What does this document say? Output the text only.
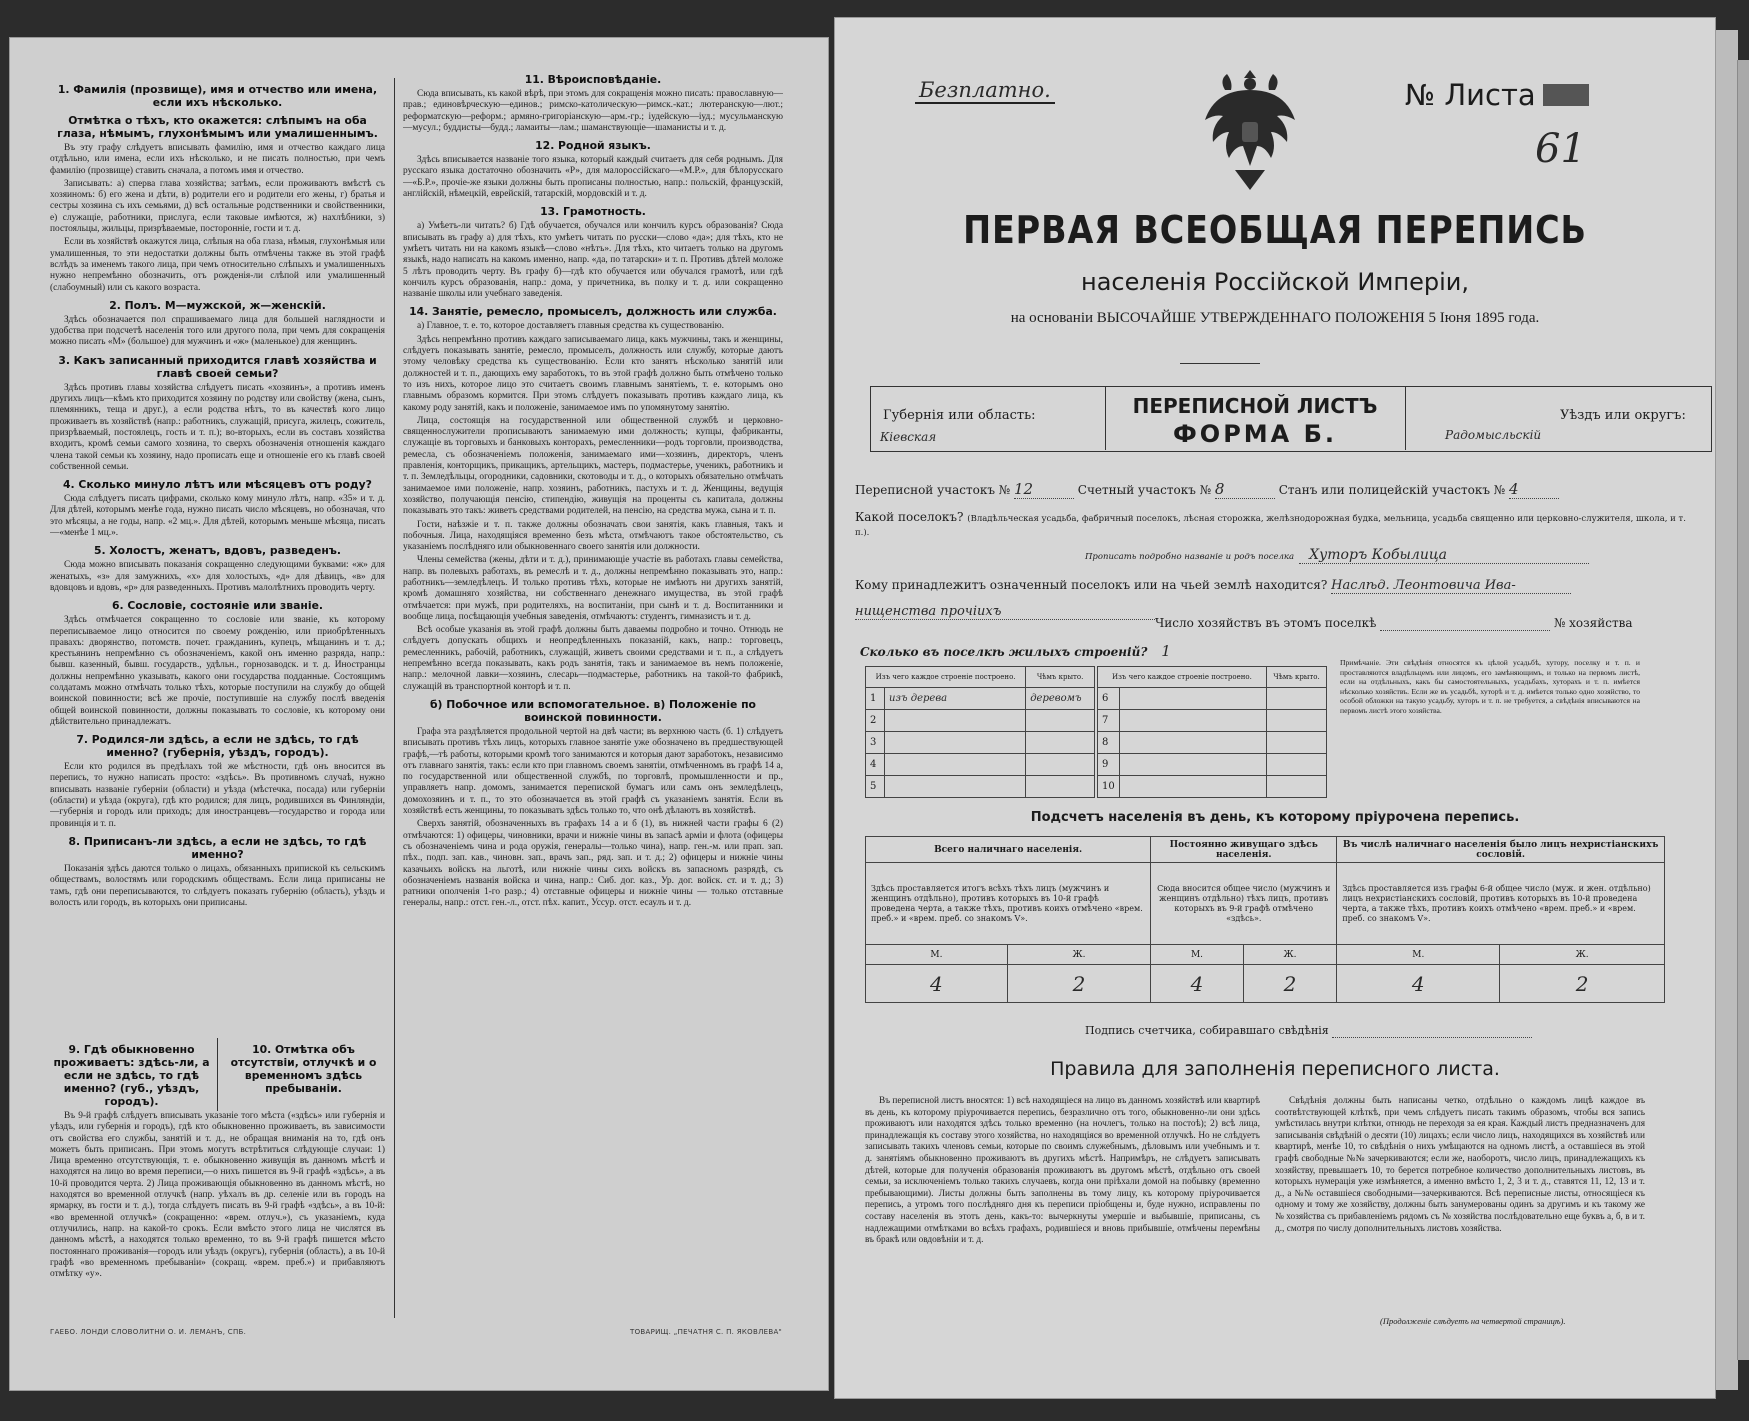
1. Фамилія (прозвище), имя и отчество или имена, если ихъ нѣсколько.
Отмѣтка о тѣхъ, кто окажется: слѣпымъ на оба глаза, нѣмымъ, глухонѣмымъ или умалишеннымъ.

Въ эту графу слѣдуетъ вписывать фамилію, имя и отчество каждаго лица отдѣльно, или имена, если ихъ нѣсколько, и не писать полностью, при чемъ фамилію (прозвище) ставить сначала, а потомъ имя и отчество.

Записывать: а) сперва глава хозяйства; затѣмъ, если проживаютъ вмѣстѣ съ хозяиномъ: б) его жена и дѣти, в) родители его и родители его жены, г) братья и сестры хозяина съ ихъ семьями, д) всѣ остальные родственники и свойственники, е) служащіе, работники, прислуга, если таковые имѣются, ж) нахлѣбники, з) постояльцы, жильцы, призрѣваемые, посторонніе, гости и т. д.

Если въ хозяйствѣ окажутся лица, слѣпыя на оба глаза, нѣмыя, глухонѣмыя или умалишенныя, то эти недостатки должны быть отмѣчены также въ этой графѣ вслѣдъ за именемъ такого лица, при чемъ относительно слѣпыхъ и умалишенныхъ нужно непремѣнно обозначить, отъ рожденія-ли слѣпой или умалишенный (слабоумный) или съ какого возраста.

2. Полъ. М—мужской, ж—женскій.

Здѣсь обозначается пол спрашиваемаго лица для большей наглядности и удобства при подсчетѣ населенія того или другого пола, при чемъ для сокращенія можно писать «М» (большое) для мужчинъ и «ж» (маленькое) для женщинъ.

3. Какъ записанный приходится главѣ хозяйства и главѣ своей семьи?

Здѣсь противъ главы хозяйства слѣдуетъ писать «хозяинъ», а противъ именъ другихъ лицъ—кѣмъ кто приходится хозяину по родству или свойству (жена, сынъ, племянникъ, теща и друг.), а если родства нѣтъ, то въ качествѣ кого лицо проживаетъ въ хозяйствѣ (напр.: работникъ, служащій, присуга, жилецъ, сожитель, призрѣваемый, постоялецъ, гость и т. п.); во-вторыхъ, если въ составъ хозяйства входитъ, кромѣ семьи самого хозяина, то сверхъ обозначенія отношенія каждаго члена такой семьи къ хозяину, надо прописать еще и отношеніе его къ главѣ своей собственной семьи.

4. Сколько минуло лѣтъ или мѣсяцевъ отъ роду?

Сюда слѣдуетъ писать цифрами, сколько кому минуло лѣтъ, напр. «35» и т. д. Для дѣтей, которымъ менѣе года, нужно писать число мѣсяцевъ, но обозначая, что это мѣсяцы, а не годы, напр. «2 мц.». Для дѣтей, которымъ меньше мѣсяца, писать—«менѣе 1 мц.».

5. Холостъ, женатъ, вдовъ, разведенъ.

Сюда можно вписывать показанія сокращенно следующими буквами: «ж» для женатыхъ, «з» для замужнихъ, «х» для холостыхъ, «д» для дѣвицъ, «в» для вдовцовъ и вдовъ, «р» для разведенныхъ. Противъ малолѣтнихъ проводить черту.

6. Сословіе, состояніе или званіе.

Здѣсь отмѣчается сокращенно то сословіе или званіе, къ которому переписываемое лицо относится по своему рожденію, или приобрѣтенныхъ правахъ: дворянство, потомств. почет. гражданинъ, купецъ, мѣщанинъ и т. д.; крестьянинъ непремѣнно съ обозначеніемъ, какой онъ именно разряда, напр.: бывш. казенный, бывш. государств., удѣльн., горнозаводск. и т. д. Иностранцы должны непремѣнно указывать, какого они государства подданные. Состоящимъ солдатамъ можно отмѣчать только тѣхъ, которые поступили на службу до общей воинской повинности; всѣ же прочіе, поступившіе на службу послѣ введенія общей воинской повинности, должны показывать то сословіе, къ которому они дѣйствительно принадлежатъ.

7. Родился-ли здѣсь, а если не здѣсь, то гдѣ именно? (губернія, уѣздъ, городъ).

Если кто родился въ предѣлахъ той же мѣстности, гдѣ онъ вносится въ перепись, то нужно написать просто: «здѣсь». Въ противномъ случаѣ, нужно вписывать названіе губерніи (области) и уѣзда (мѣстечка, посада) или губерніи (области) и уѣзда (округа), гдѣ кто родился; для лицъ, родившихся въ Финляндіи,—губернія и городъ или приходъ; для иностранцевъ—государство и города или провинція и т. п.

8. Приписанъ-ли здѣсь, а если не здѣсь, то гдѣ именно?

Показанія здѣсь даются только о лицахъ, обязанныхъ припиской къ сельскимъ обществамъ, волостямъ или городскимъ обществамъ. Если лица приписаны не тамъ, гдѣ они переписываются, то слѣдуетъ показать губернію (область), уѣздъ и волость или городъ, въ которыхъ они приписаны.

9. Гдѣ обыкновенно проживаетъ: здѣсь-ли, а если не здѣсь, то гдѣ именно? (губ., уѣздъ, городъ).
10. Отмѣтка объ отсутствіи, отлучкѣ и о временномъ здѣсь пребываніи.

Въ 9-й графѣ слѣдуетъ вписывать указаніе того мѣста («здѣсь» или губернія и уѣздъ, или губернія и городъ), гдѣ кто обыкновенно проживаетъ, въ зависимости отъ свойства его службы, занятій и т. д., не обращая вниманія на то, гдѣ онъ можетъ быть приписанъ. При этомъ могутъ встрѣтиться слѣдующіе случаи: 1) Лица временно отсутствующія, т. е. обыкновенно живущія въ данномъ мѣстѣ и находятся на лицо во время переписи,—о нихъ пишется въ 9-й графѣ «здѣсь», а въ 10-й проводится черта. 2) Лица проживающія обыкновенно въ данномъ мѣстѣ, но находятся во временной отлучкѣ (напр. уѣхалъ въ др. селеніе или въ городъ на ярмарку, въ гости и т. д.), тогда слѣдуетъ писать въ 9-й графѣ «здѣсь», а въ 10-й: «во временной отлучкѣ» (сокращенно: «врем. отлуч.»), съ указаніемъ, куда отлучились, напр. на какой-то срокъ. Если вмѣсто этого лица не числятся въ данномъ мѣстѣ, а находятся только временно, то въ 9-й графѣ пишется мѣсто постояннаго проживанія—городъ или уѣздъ (округъ), губернія (область), а въ 10-й графѣ «во временномъ пребываніи» (сокращ. «врем. преб.») и прибавляютъ отмѣтку «у».

ГАЕБО. ЛОНДИ СЛОВОЛИТНИ О. И. ЛЕМАНЪ, СПБ.
11. Вѣроисповѣданіе.

Сюда вписывать, къ какой вѣрѣ, при этомъ для сокращенія можно писать: православную—прав.; единовѣрческую—единов.; римско-католическую—римск.-кат.; лютеранскую—лют.; реформатскую—реформ.; армяно-григоріанскую—арм.-гр.; іудейскую—іуд.; мусульманскую—мусул.; буддисты—будд.; ламаиты—лам.; шаманствующіе—шаманисты и т. д.

12. Родной языкъ.

Здѣсь вписывается названіе того языка, который каждый считаетъ для себя роднымъ. Для русскаго языка достаточно обозначить «Р», для малороссійскаго—«М.Р.», для бѣлорусскаго—«Б.Р.», прочіе-же языки должны быть прописаны полностью, напр.: польскій, французскій, англійскій, нѣмецкій, еврейскій, татарскій, мордовскій и т. д.

13. Грамотность.

а) Умѣетъ-ли читать? б) Гдѣ обучается, обучался или кончилъ курсъ образованія? Сюда вписывать въ графу а) для тѣхъ, кто умѣетъ читать по русски—слово «да»; для тѣхъ, кто не умѣетъ читать ни на какомъ языкѣ—слово «нѣтъ». Для тѣхъ, кто читаетъ только на другомъ языкѣ, надо написать на какомъ именно, напр. «да, по татарски» и т. п. Противъ дѣтей моложе 5 лѣтъ проводить черту. Въ графу б)—гдѣ кто обучается или обучался грамотѣ, или гдѣ кончилъ курсъ образованія, напр.: дома, у причетника, въ полку и т. д. или сокращенно названіе школы или учебнаго заведенія.

14. Занятіе, ремесло, промыселъ, должность или служба.

а) Главное, т. е. то, которое доставляетъ главныя средства къ существованію.

Здѣсь непремѣнно противъ каждаго записываемаго лица, какъ мужчины, такъ и женщины, слѣдуетъ показывать занятіе, ремесло, промыселъ, должность или службу, которые даютъ этому человѣку средства къ существованію. Если кто занятъ нѣсколько занятій или должностей и т. п., дающихъ ему заработокъ, то въ этой графѣ должно быть отмѣчено только то изъ нихъ, которое лицо это считаетъ своимъ главнымъ занятіемъ, т. е. которымъ оно главнымъ образомъ кормится. При этомъ слѣдуетъ показывать противъ каждаго лица, къ какому роду занятій, какъ и положеніе, занимаемое имъ по упомянутому занятію.

Лица, состоящія на государственной или общественной службѣ и церковно-священнослужители прописываютъ занимаемую ими должность; купцы, фабриканты, служащіе въ торговыхъ и банковыхъ конторахъ, ремесленники—родъ торговли, производства, ремесла, съ обозначеніемъ положенія, занимаемаго ими—хозяинъ, директоръ, членъ правленія, конторщикъ, прикащикъ, артельщикъ, мастеръ, подмастерье, ученикъ, работникъ и т. п. Земледѣльцы, огородники, садовники, скотоводы и т. д., о которыхъ обязательно отмѣчать занимаемое ими положеніе, напр. хозяинъ, работникъ, пастухъ и т. д. Женщины, ведущія хозяйство, получающія пенсію, стипендію, живущія на проценты съ капитала, должны показывать это такъ: живетъ средствами родителей, на пенсію, на средства мужа, сына и т. п.

Гости, наѣзжіе и т. п. также должны обозначать свои занятія, какъ главныя, такъ и побочныя. Лица, находящіяся временно безъ мѣста, отмѣчаютъ такое обстоятельство, съ указаніемъ послѣдняго или обыкновеннаго своего занятія или должности.

Члены семейства (жены, дѣти и т. д.), принимающіе участіе въ работахъ главы семейства, напр. въ полевыхъ работахъ, въ ремеслѣ и т. д., должны непремѣнно показывать это, напр.: работникъ—земледѣлецъ. И только противъ тѣхъ, которые не имѣютъ ни другихъ занятій, кромѣ домашняго хозяйства, ни собственнаго денежнаго имущества, въ этой графѣ отмѣчается: при мужѣ, при родителяхъ, на воспитаніи, при сынѣ и т. д. Воспитанники и вообще лица, посѣщающія учебныя заведенія, отмѣчаютъ: студентъ, гимназистъ и т. д.

Всѣ особые указанія въ этой графѣ должны быть даваемы подробно и точно. Отнюдь не слѣдуетъ допускать общихъ и неопредѣленныхъ показаній, какъ, напр.: торговецъ, ремесленникъ, рабочій, работникъ, служащій, живетъ своими средствами и т. п., а слѣдуетъ непремѣнно всегда показывать, какъ родъ занятія, такъ и занимаемое въ немъ положеніе, напр.: мелочной лавки—хозяинъ, слесарь—подмастерье, работникъ на такой-то фабрикѣ, служащій въ транспортной конторѣ и т. п.

б) Побочное или вспомогательное. в) Положеніе по воинской повинности.

Графа эта раздѣляется продольной чертой на двѣ части; въ верхнюю часть (б. 1) слѣдуетъ вписывать противъ тѣхъ лицъ, которыхъ главное занятіе уже обозначено въ предшествующей графѣ,—тѣ работы, которыми кромѣ того занимаются и которыя дают заработокъ, независимо отъ главнаго занятія, такъ: если кто при главномъ своемъ занятіи, отмѣченномъ въ графѣ 14 а, по государственной или общественной службѣ, по торговлѣ, промышленности и пр., управляетъ напр. домомъ, занимается перепиской бумагъ или самъ онъ земледѣлецъ, домохозяинъ и т. п., то это обозначается въ этой графѣ съ указаніемъ занятія. Если въ хозяйствѣ есть женщины, то показывать здѣсь только то, что онѣ дѣлаютъ въ хозяйствѣ.

Сверхъ занятій, обозначенныхъ въ графахъ 14 а и б (1), въ нижней части графы 6 (2) отмѣчаются: 1) офицеры, чиновники, врачи и нижніе чины въ запасѣ арміи и флота (офицеры съ обозначеніемъ чина и рода оружія, генералы—только чина), напр. ген.-м. или прап. зап. пѣх., подп. зап. кав., чиновн. зап., врачъ зап., ряд. зап. и т. д.; 2) офицеры и нижніе чины казачьихъ войскъ на льготѣ, или нижніе чины сихъ войскъ въ запасномъ разрядѣ, съ обозначеніемъ названія войска и чина, напр.: Сиб. дог. каз., Ур. дог. войск. ст. и т. д.; 3) ратники ополченія 1-го разр.; 4) отставные офицеры и нижніе чины — только отставные генералы, напр.: отст. ген.-л., отст. пѣх. капит., Уссур. отст. есаулъ и т. д.

ТОВАРИЩ. „ПЕЧАТНЯ С. П. ЯКОВЛЕВА"
Безплатно.	№ Листа
61
ПЕРВАЯ ВСЕОБЩАЯ ПЕРЕПИСЬ
населенія Россійской Имперіи,
на основаніи ВЫСОЧАЙШЕ УТВЕРЖДЕННАГО ПОЛОЖЕНІЯ 5 Іюня 1895 года.
Губернія или область:
Кіевская
ПЕРЕПИСНОЙ ЛИСТЪ
ФОРМА Б.
Уѣздъ или округъ:
Радомысльскій
Переписной участокъ № 12	Счетный участокъ № 8	Станъ или полицейскій участокъ № 4
Какой поселокъ? (Владѣльческая усадьба, фабричный поселокъ, лѣсная сторожка, желѣзнодорожная будка, мельница, усадьба священно или церковно-служителя, школа, и т. п.).
Прописать подробно названіе и родъ поселка Хуторъ Кобылица
Кому принадлежитъ означенный поселокъ или на чьей землѣ находится? Наслѣд. Леонтовича Ива-
нищенства прочіихъ
Число хозяйствъ въ этомъ поселкѣ	№ хозяйства
Сколько въ поселкѣ жилыхъ строеній? 1
Изъ чего каждое строеніе построено.		Чѣмъ крыто.
1	изъ дерева	деревомъ
2		
3		
4		
5		
Изъ чего каждое строеніе построено.		Чѣмъ крыто.
6		
7		
8		
9		
10		
Примѣчаніе. Эти свѣдѣнія относятся къ цѣлой усадьбѣ, хутору, поселку и т. п. и проставляются владѣльцемъ или лицомъ, его замѣняющимъ, и только на первомъ листѣ, если на отдѣльныхъ, какъ бы самостоятельныхъ, усадьбахъ, хуторахъ и т. п. имѣется нѣсколько хозяйствъ. Если же въ усадьбѣ, хуторѣ и т. д. имѣется только одно хозяйство, то особой обложки на такую усадьбу, хуторъ и т. п. не требуется, а свѣдѣнія вписываются на первомъ листѣ этого хозяйства.
Подсчетъ населенія въ день, къ которому пріурочена перепись.
Всего наличнаго населенія.		Постоянно живущаго здѣсь населенія.		Въ числѣ наличнаго населенія было лицъ нехристіанскихъ сословій.	
Здѣсь проставляется итогъ всѣхъ тѣхъ лицъ (мужчинъ и женщинъ отдѣльно), противъ которыхъ въ 10-й графѣ проведена черта, а также тѣхъ, противъ коихъ отмѣчено «врем. преб.» и «врем. преб. со знакомъ V».		Сюда вносится общее число (мужчинъ и женщинъ отдѣльно) тѣхъ лицъ, противъ которыхъ въ 9-й графѣ отмѣчено «здѣсь».		Здѣсь проставляется изъ графы 6-й общее число (муж. и жен. отдѣльно) лицъ нехристіанскихъ сословій, противъ которыхъ въ 10-й проведена черта, а также тѣхъ, противъ коихъ отмѣчено «врем. преб.» и «врем. преб. со знакомъ V».	
М.	Ж.	М.	Ж.	М.	Ж.
4	2	4	2	4	2
Подпись счетчика, собиравшаго свѣдѣнія
Правила для заполненія переписного листа.

Въ переписной листъ вносятся: 1) всѣ находящіеся на лицо въ данномъ хозяйствѣ или квартирѣ въ день, къ которому пріурочивается перепись, безразлично отъ того, обыкновенно-ли они здѣсь проживаютъ или находятся здѣсь только временно (на ночлегъ, только на постоѣ); 2) всѣ лица, принадлежащія къ составу этого хозяйства, но находящіяся во временной отлучкѣ. Но не слѣдуетъ записывать такихъ членовъ семьи, которые по своимъ служебнымъ, дѣловымъ или учебнымъ и т. д. занятіямъ обыкновенно проживаютъ въ другихъ мѣстѣ. Напримѣръ, не слѣдуетъ записывать дѣтей, которые для полученія образованія проживаютъ въ другомъ мѣстѣ, отдѣльно отъ своей семьи, за исключеніемъ только такихъ случаевъ, когда они пріѣхали домой на побывку (временно пребывающими). Листы должны быть заполнены въ тому лицу, къ которому пріурочивается перепись, а утромъ того послѣдняго дня къ переписи пріобщены и, буде нужно, исправлены по составу населенія въ этотъ день, какъ-то: вычеркнуты умершіе и выбывшіе, приписаны, съ надлежащими отмѣтками во всѣхъ графахъ, родившіеся и вновь прибывшіе, отмѣчены перемѣны въ бракѣ или овдовѣніи и т. д.

Свѣдѣнія должны быть написаны четко, отдѣльно о каждомъ лицѣ каждое въ соотвѣтствующей клѣткѣ, при чемъ слѣдуетъ писать такимъ образомъ, чтобы вся запись умѣстилась внутри клѣтки, отнюдь не переходя за ея края. Каждый листъ предназначенъ для записыванія свѣдѣній о десяти (10) лицахъ; если число лицъ, находящихся въ хозяйствѣ или квартирѣ, менѣе 10, то свѣдѣнія о нихъ умѣщаются на одномъ листѣ, а оставшіеся въ этой графѣ свободные №№ зачеркиваются; если же, наоборотъ, число лицъ, принадлежащихъ къ хозяйству, превышаетъ 10, то берется потребное количество дополнительныхъ листовъ, въ которыхъ нумерація уже измѣняется, а именно вмѣсто 1, 2, 3 и т. д., ставятся 11, 12, 13 и т. д., а №№ оставшіеся свободными—зачеркиваются. Всѣ переписные листы, относящіеся къ одному и тому же хозяйству, должны быть занумерованы одинъ за другимъ и къ такому же № хозяйства съ прибавленіемъ рядомъ съ № хозяйства послѣдовательно еще буквъ а, б, в и т. д., смотря по числу дополнительныхъ листовъ хозяйства.

(Продолженіе слѣдуетъ на четвертой страницѣ).
